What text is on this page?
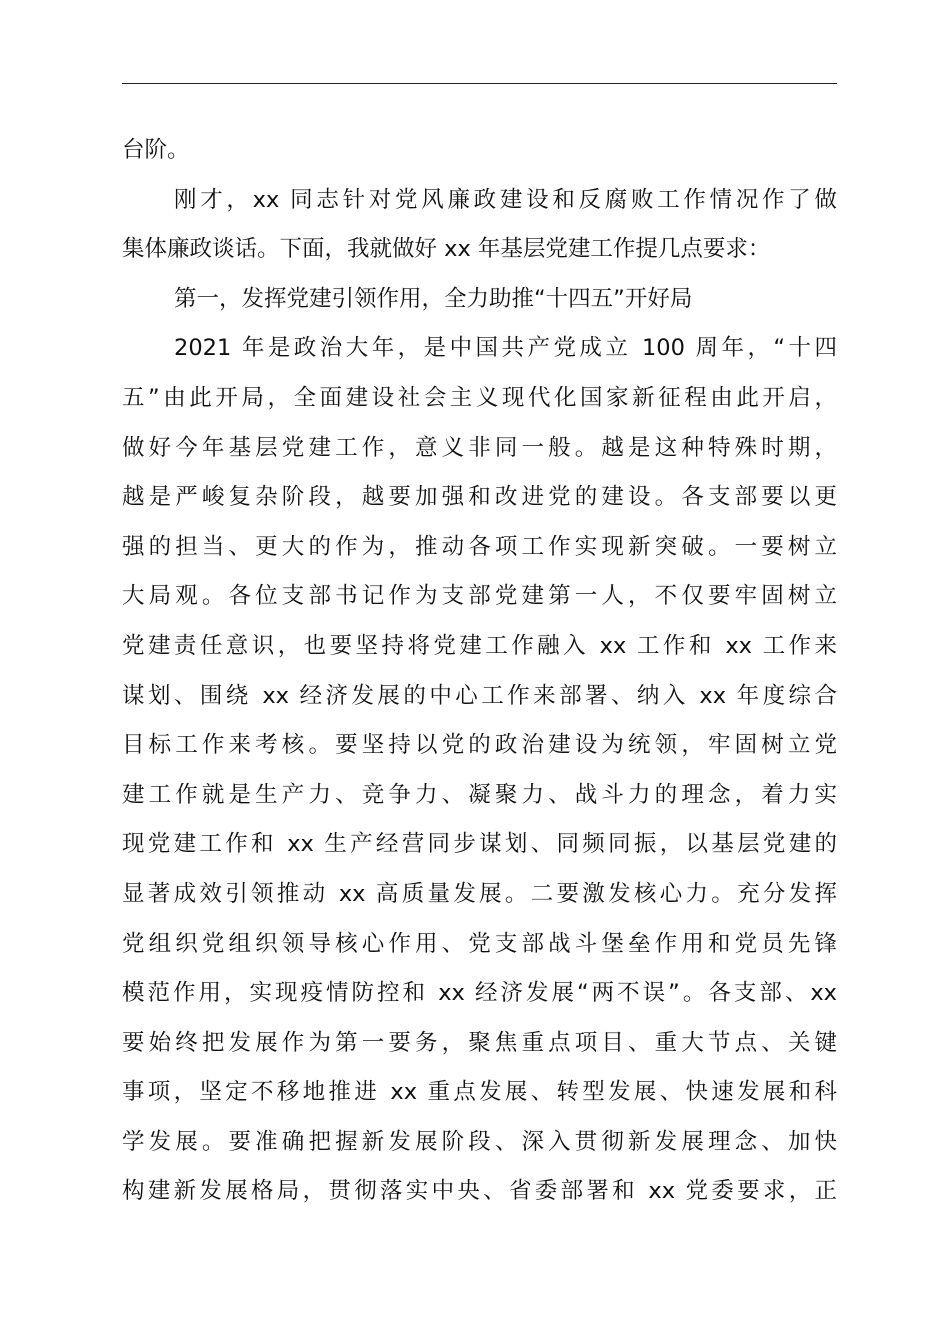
台阶。
刚才，xx 同志针对党风廉政建设和反腐败工作情况作了做
集体廉政谈话。下面，我就做好 xx 年基层党建工作提几点要求：
第一，发挥党建引领作用，全力助推“十四五”开好局
2021 年是政治大年，是中国共产党成立 100 周年，“十四
五”由此开局，全面建设社会主义现代化国家新征程由此开启，
做好今年基层党建工作，意义非同一般。越是这种特殊时期，
越是严峻复杂阶段，越要加强和改进党的建设。各支部要以更
强的担当、更大的作为，推动各项工作实现新突破。一要树立
大局观。各位支部书记作为支部党建第一人，不仅要牢固树立
党建责任意识，也要坚持将党建工作融入 xx 工作和 xx 工作来
谋划、围绕 xx 经济发展的中心工作来部署、纳入 xx 年度综合
目标工作来考核。要坚持以党的政治建设为统领，牢固树立党
建工作就是生产力、竞争力、凝聚力、战斗力的理念，着力实
现党建工作和 xx 生产经营同步谋划、同频同振，以基层党建的
显著成效引领推动 xx 高质量发展。二要激发核心力。充分发挥
党组织党组织领导核心作用、党支部战斗堡垒作用和党员先锋
模范作用，实现疫情防控和 xx 经济发展“两不误”。各支部、xx
要始终把发展作为第一要务，聚焦重点项目、重大节点、关键
事项，坚定不移地推进 xx 重点发展、转型发展、快速发展和科
学发展。要准确把握新发展阶段、深入贯彻新发展理念、加快
构建新发展格局，贯彻落实中央、省委部署和 xx 党委要求，正
